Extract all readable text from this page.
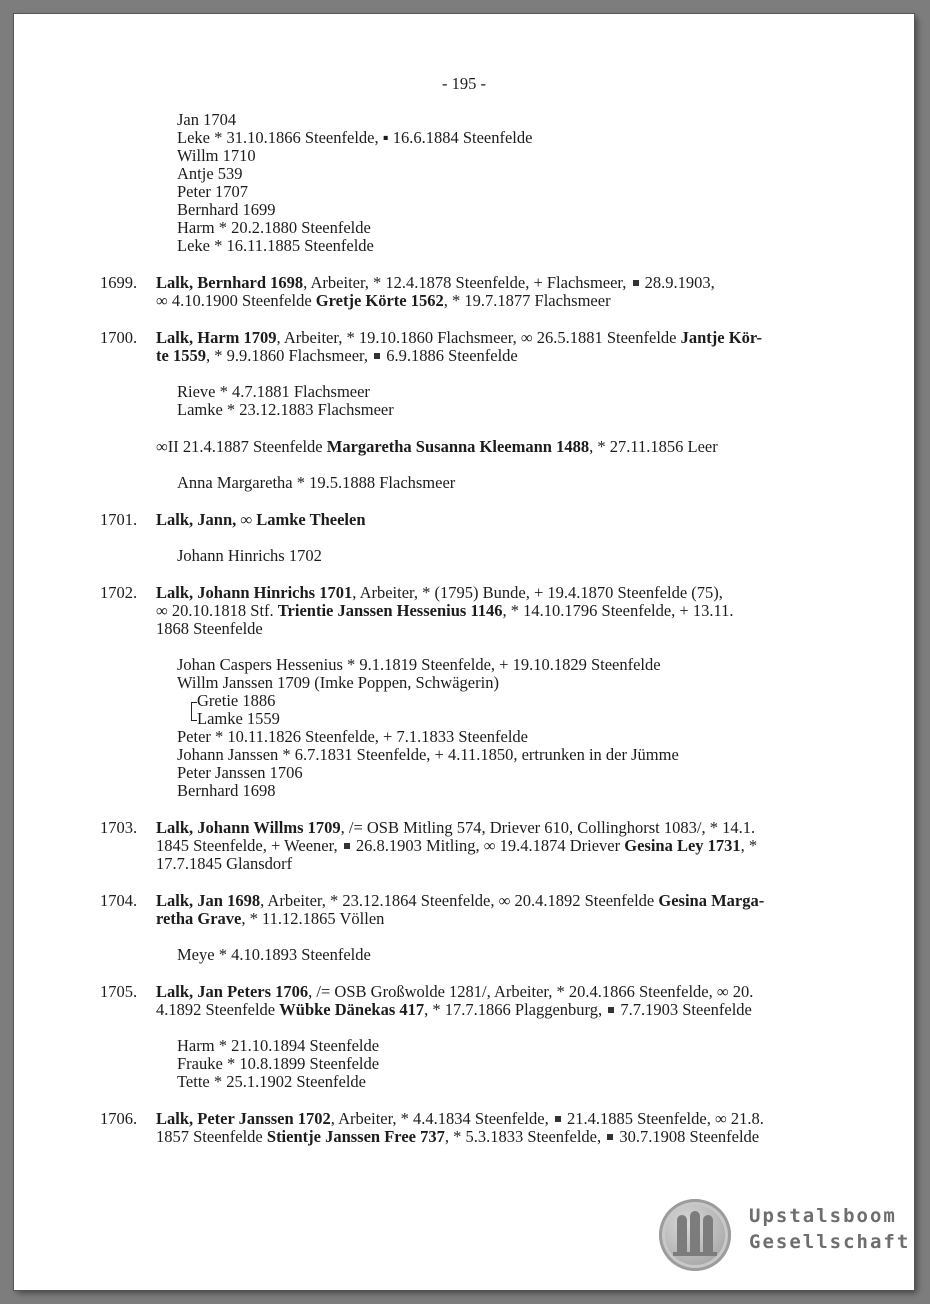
- 195 -
Jan 1704
Leke * 31.10.1866 Steenfelde, ▪ 16.6.1884 Steenfelde
Willm 1710
Antje 539
Peter 1707
Bernhard 1699
Harm * 20.2.1880 Steenfelde
Leke * 16.11.1885 Steenfelde
1699. Lalk, Bernhard 1698, Arbeiter, * 12.4.1878 Steenfelde, + Flachsmeer,  28.9.1903,
∞ 4.10.1900 Steenfelde Gretje Körte 1562, * 19.7.1877 Flachsmeer
1700. Lalk, Harm 1709, Arbeiter, * 19.10.1860 Flachsmeer, ∞ 26.5.1881 Steenfelde Jantje Kör-
te 1559, * 9.9.1860 Flachsmeer,  6.9.1886 Steenfelde
Rieve * 4.7.1881 Flachsmeer
Lamke * 23.12.1883 Flachsmeer
∞II 21.4.1887 Steenfelde Margaretha Susanna Kleemann 1488, * 27.11.1856 Leer
Anna Margaretha * 19.5.1888 Flachsmeer
1701. Lalk, Jann, ∞ Lamke Theelen
Johann Hinrichs 1702
1702. Lalk, Johann Hinrichs 1701, Arbeiter, * (1795) Bunde, + 19.4.1870 Steenfelde (75),
∞ 20.10.1818 Stf. Trientie Janssen Hessenius 1146, * 14.10.1796 Steenfelde, + 13.11.
1868 Steenfelde
Johan Caspers Hessenius * 9.1.1819 Steenfelde, + 19.10.1829 Steenfelde
Willm Janssen 1709 (Imke Poppen, Schwägerin)
Gretie 1886
Lamke 1559
Peter * 10.11.1826 Steenfelde, + 7.1.1833 Steenfelde
Johann Janssen * 6.7.1831 Steenfelde, + 4.11.1850, ertrunken in der Jümme
Peter Janssen 1706
Bernhard 1698
1703. Lalk, Johann Willms 1709, /= OSB Mitling 574, Driever 610, Collinghorst 1083/, * 14.1.
1845 Steenfelde, + Weener,  26.8.1903 Mitling, ∞ 19.4.1874 Driever Gesina Ley 1731, *
17.7.1845 Glansdorf
1704. Lalk, Jan 1698, Arbeiter, * 23.12.1864 Steenfelde, ∞ 20.4.1892 Steenfelde Gesina Marga-
retha Grave, * 11.12.1865 Völlen
Meye * 4.10.1893 Steenfelde
1705. Lalk, Jan Peters 1706, /= OSB Großwolde 1281/, Arbeiter, * 20.4.1866 Steenfelde, ∞ 20.
4.1892 Steenfelde Wübke Dänekas 417, * 17.7.1866 Plaggenburg,  7.7.1903 Steenfelde
Harm * 21.10.1894 Steenfelde
Frauke * 10.8.1899 Steenfelde
Tette * 25.1.1902 Steenfelde
1706. Lalk, Peter Janssen 1702, Arbeiter, * 4.4.1834 Steenfelde,  21.4.1885 Steenfelde, ∞ 21.8.
1857 Steenfelde Stientje Janssen Free 737, * 5.3.1833 Steenfelde,  30.7.1908 Steenfelde
Upstalsboom
Gesellschaft
